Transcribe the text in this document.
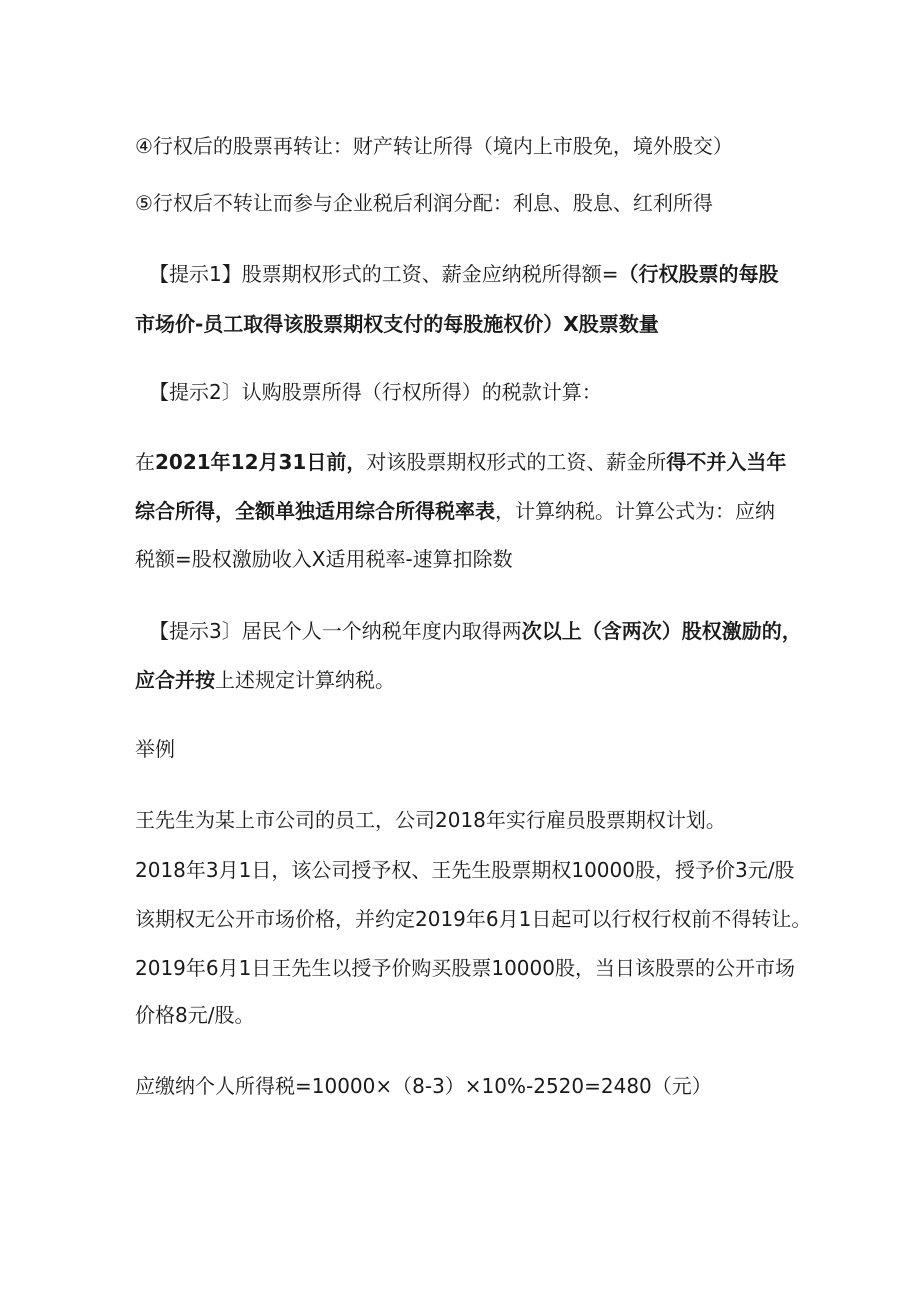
④行权后的股票再转让：财产转让所得（境内上市股免，境外股交）
⑤行权后不转让而参与企业税后利润分配：利息、股息、红利所得
【提示1】股票期权形式的工资、薪金应纳税所得额=（行权股票的每股
市场价-员工取得该股票期权支付的每股施权价）X股票数量
【提示2〕认购股票所得（行权所得）的税款计算：
在2021年12月31日前，对该股票期权形式的工资、薪金所得不并入当年
综合所得，全额单独适用综合所得税率表，计算纳税。计算公式为：应纳
税额=股权激励收入X适用税率-速算扣除数
【提示3〕居民个人一个纳税年度内取得两次以上（含两次）股权激励的，
应合并按上述规定计算纳税。
举例
王先生为某上市公司的员工，公司2018年实行雇员股票期权计划。
2018年3月1日，该公司授予权、王先生股票期权10000股，授予价3元/股
该期权无公开市场价格，并约定2019年6月1日起可以行权行权前不得转让。
2019年6月1日王先生以授予价购买股票10000股，当日该股票的公开市场
价格8元/股。
应缴纳个人所得税=10000×（8-3）×10%-2520=2480（元）
